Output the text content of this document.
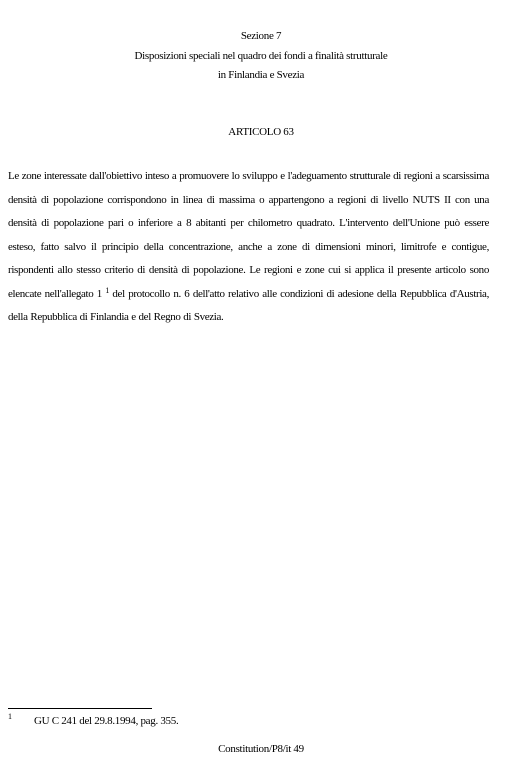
Sezione 7
Disposizioni speciali nel quadro dei fondi a finalità strutturale
in Finlandia e Svezia
ARTICOLO 63
Le zone interessate dall'obiettivo inteso a promuovere lo sviluppo e l'adeguamento strutturale di regioni a scarsissima densità di popolazione corrispondono in linea di massima o appartengono a regioni di livello NUTS II con una densità di popolazione pari o inferiore a 8 abitanti per chilometro quadrato. L'intervento dell'Unione può essere esteso, fatto salvo il principio della concentrazione, anche a zone di dimensioni minori, limitrofe e contigue, rispondenti allo stesso criterio di densità di popolazione. Le regioni e zone cui si applica il presente articolo sono elencate nell'allegato 1 $^1$ del protocollo n. 6 dell'atto relativo alle condizioni di adesione della Repubblica d'Austria, della Repubblica di Finlandia e del Regno di Svezia.
1 GU C 241 del 29.8.1994, pag. 355.
Constitution/P8/it 49
